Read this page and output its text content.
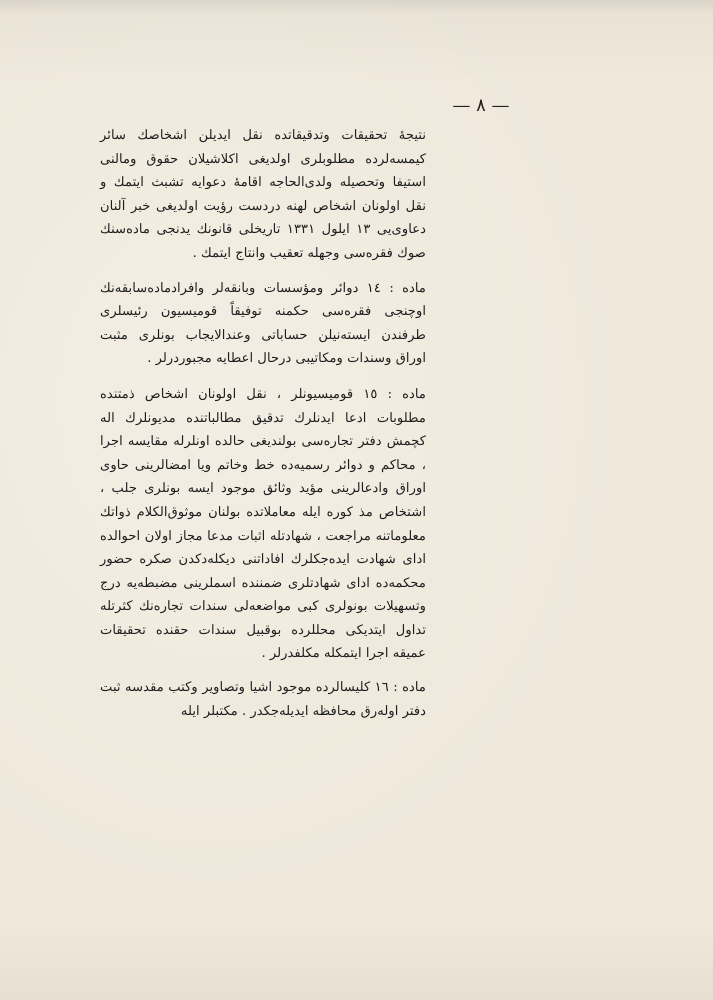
— ٨ —

نتیجهٔ تحقیقات وتدقیقاتده نقل ایدیلن اشخاصك سائر كیمسه‌لرده مطلوبلری اولدیغی اكلاشیلان حقوق ومالنی استیفا وتحصیله ولدی‌الحاجه اقامهٔ دعوایه تشبث ایتمك و نقل اولونان اشخاص لهنه دردست رؤیت اولدیغی خبر آلنان دعاوی‌یی ١٣ ایلول ١٣٣١ تاریخلی قانونك یدنجی ماده‌سنك صوك فقره‌سی وجهله تعقیب وانتاج ایتمك .

ماده : ١٤ دوائر ومؤسسات وبانقه‌لر وافرادماده‌سابقه‌نك اوچنجی فقره‌سی حكمنه توفیقاً قومیسیون رئیسلری طرفندن ایسته‌نیلن حساباتی وعندالایجاب بونلری مثبت اوراق وسندات ومكاتیبی درحال اعطایه مجبوردرلر .

ماده : ١٥ قومیسیونلر ، نقل اولونان اشخاص ذمتنده مطلوبات ادعا ایدنلرك تدقیق مطالباتنده مدیونلرك اله كچمش دفتر تجاره‌سی بولندیغی حالده اونلرله مقایسه اجرا ، محاكم و دوائر رسمیه‌ده خط وخاتم ویا امضالرینی حاوی اوراق وادعالرینی مؤید وثائق موجود ایسه بونلری جلب ، اشتخاص مذ كوره ایله معاملاتده بولنان موثوق‌الكلام ذواتك معلوماتنه مراجعت ، شهادتله اثبات مدعا مجاز اولان احوالده ادای شهادت ایده‌جكلرك افاداتنی دیكله‌دكدن صكره حضور محكمه‌ده ادای شهادتلری ضمننده اسملرینی مضبطه‌یه درج وتسهیلات بونولری كبی مواضعه‌لی سندات تجاره‌نك كثرتله تداول ایتدیكی محللرده بوقبیل سندات حقنده تحقیقات عمیقه اجرا ایتمكله مكلفدرلر .

ماده : ١٦ كلیسالرده موجود اشیا وتصاویر وكتب مقدسه ثبت دفتر اوله‌رق محافظه ایدیله‌جكدر . مكتبلر ایله
